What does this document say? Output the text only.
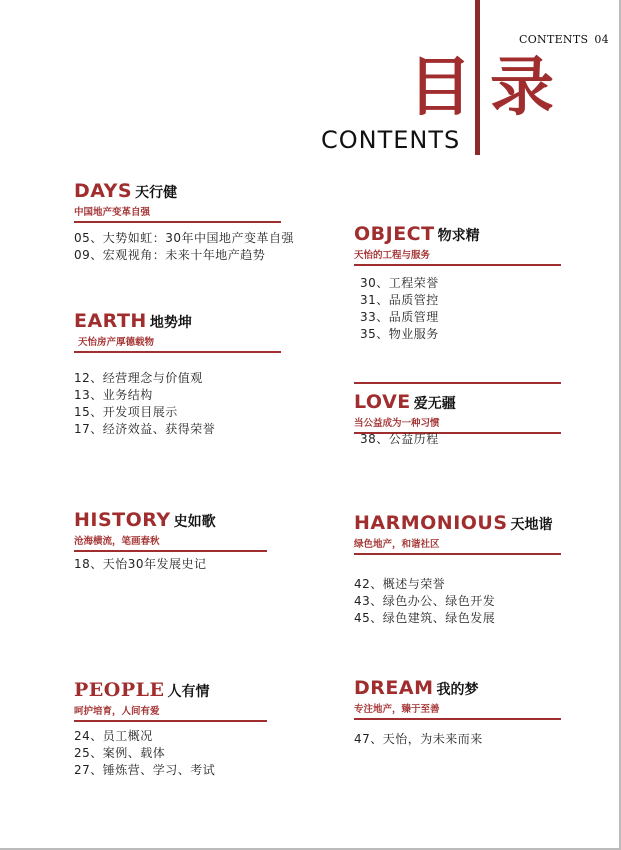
CONTENTS 04
目 录
CONTENTS
DAYS 天行健
中国地产变革自强
05、大势如虹：30年中国地产变革自强
09、宏观视角：未来十年地产趋势
EARTH 地势坤
天怡房产厚德载物
12、经营理念与价值观
13、业务结构
15、开发项目展示
17、经济效益、获得荣誉
HISTORY 史如歌
沧海横流，笔画春秋
18、天怡30年发展史记
PEOPLE 人有情
呵护培育，人间有爱
24、员工概况
25、案例、载体
27、锤炼营、学习、考试
OBJECT 物求精
天怡的工程与服务
30、工程荣誉
31、品质管控
33、品质管理
35、物业服务
LOVE 爱无疆
当公益成为一种习惯
38、公益历程
HARMONIOUS 天地谐
绿色地产，和谐社区
42、概述与荣誉
43、绿色办公、绿色开发
45、绿色建筑、绿色发展
DREAM 我的梦
专注地产，臻于至善
47、天怡，为未来而来
